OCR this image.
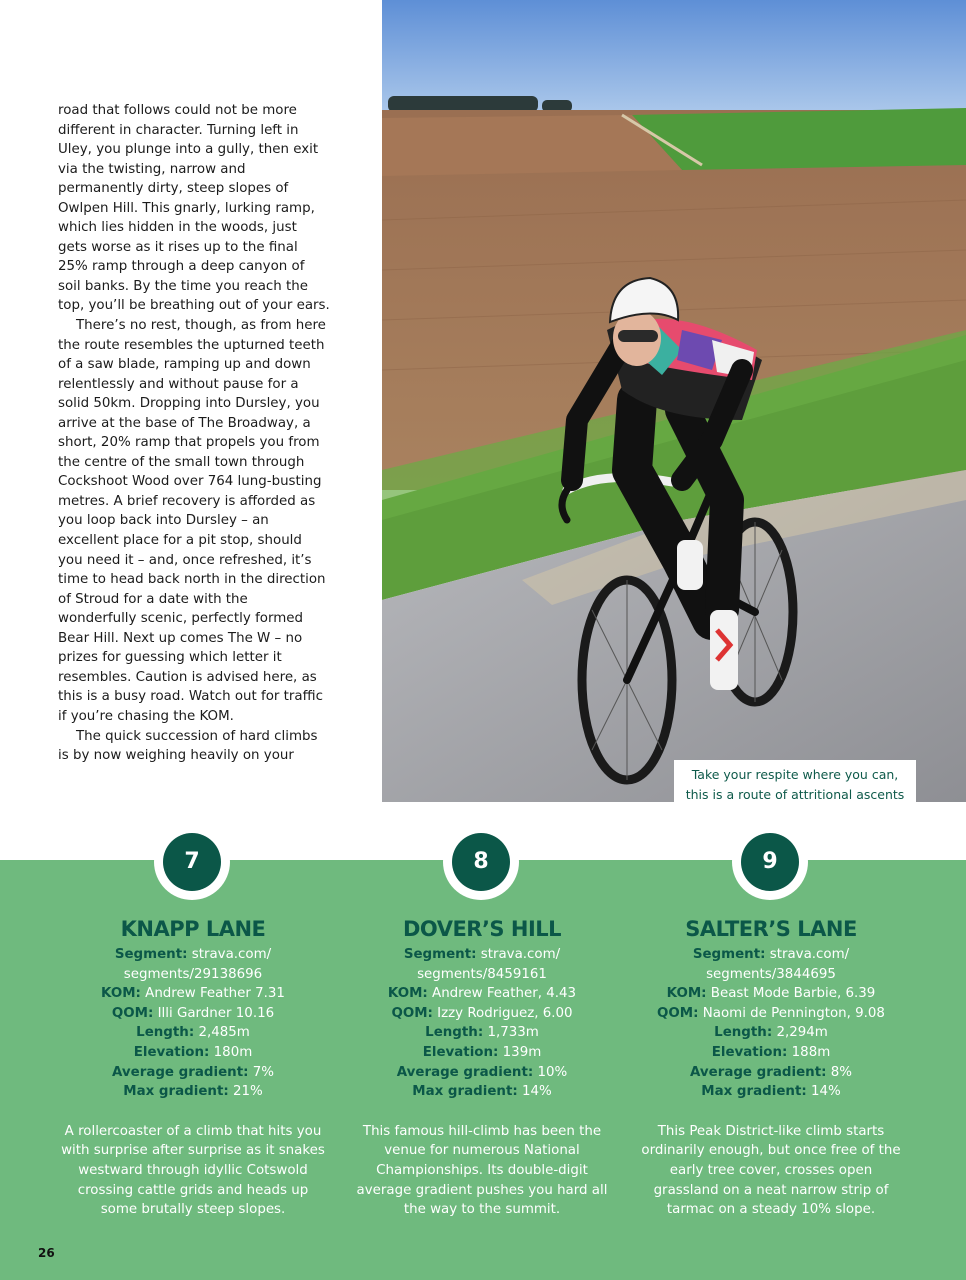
road that follows could not be more different in character. Turning left in Uley, you plunge into a gully, then exit via the twisting, narrow and permanently dirty, steep slopes of Owlpen Hill. This gnarly, lurking ramp, which lies hidden in the woods, just gets worse as it rises up to the final 25% ramp through a deep canyon of soil banks. By the time you reach the top, you’ll be breathing out of your ears.

There’s no rest, though, as from here the route resembles the upturned teeth of a saw blade, ramping up and down relentlessly and without pause for a solid 50km. Dropping into Dursley, you arrive at the base of The Broadway, a short, 20% ramp that propels you from the centre of the small town through Cockshoot Wood over 764 lung-busting metres. A brief recovery is afforded as you loop back into Dursley – an excellent place for a pit stop, should you need it – and, once refreshed, it’s time to head back north in the direction of Stroud for a date with the wonderfully scenic, perfectly formed Bear Hill. Next up comes The W – no prizes for guessing which letter it resembles. Caution is advised here, as this is a busy road. Watch out for traffic if you’re chasing the KOM.

The quick succession of hard climbs is by now weighing heavily on your

Take your respite where you can,
this is a route of attritional ascents
7	8	9
KNAPP LANE
Segment: strava.com/
segments/29138696
KOM: Andrew Feather 7.31
QOM: Illi Gardner 10.16
Length: 2,485m
Elevation: 180m
Average gradient: 7%
Max gradient: 21%
A rollercoaster of a climb that hits you with surprise after surprise as it snakes westward through idyllic Cotswold crossing cattle grids and heads up some brutally steep slopes.
DOVER’S HILL
Segment: strava.com/
segments/8459161
KOM: Andrew Feather, 4.43
QOM: Izzy Rodriguez, 6.00
Length: 1,733m
Elevation: 139m
Average gradient: 10%
Max gradient: 14%
This famous hill-climb has been the venue for numerous National Championships. Its double-digit average gradient pushes you hard all the way to the summit.
SALTER’S LANE
Segment: strava.com/
segments/3844695
KOM: Beast Mode Barbie, 6.39
QOM: Naomi de Pennington, 9.08
Length: 2,294m
Elevation: 188m
Average gradient: 8%
Max gradient: 14%
This Peak District-like climb starts ordinarily enough, but once free of the early tree cover, crosses open grassland on a neat narrow strip of tarmac on a steady 10% slope.
26
